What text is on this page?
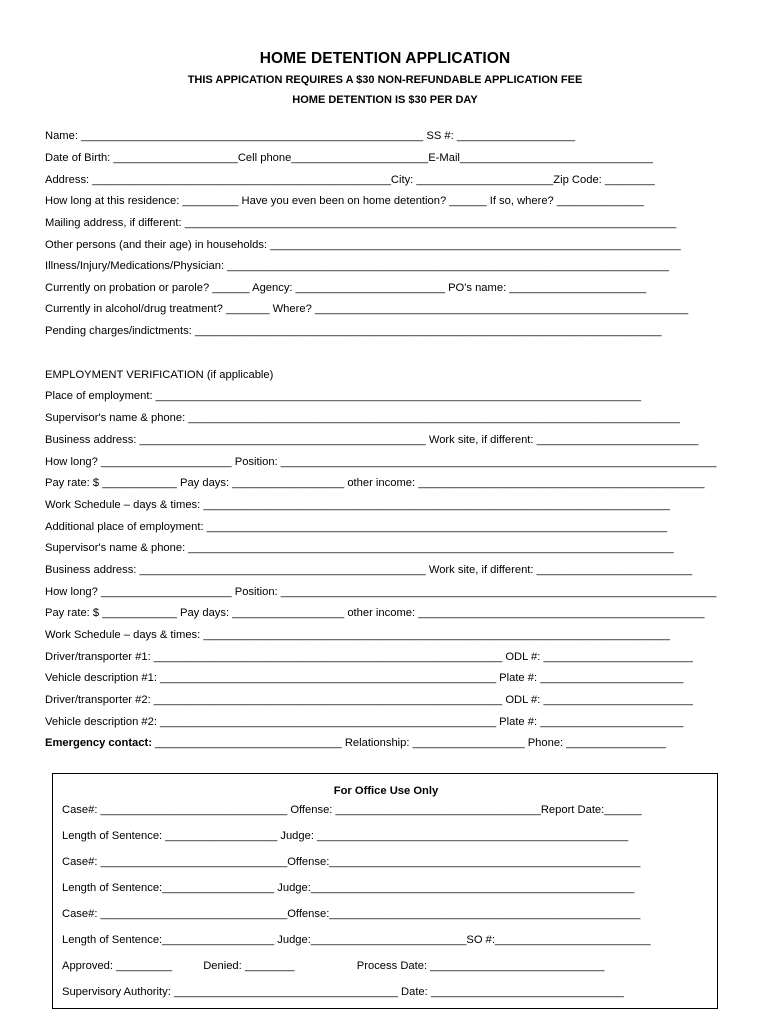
HOME DETENTION APPLICATION
THIS APPICATION REQUIRES A $30 NON-REFUNDABLE APPLICATION FEE
HOME DETENTION IS $30 PER DAY
Name: _______________________________________________________ SS #: ___________________
Date of Birth: ____________________Cell phone______________________E-Mail_______________________________
Address: ________________________________________________City: ______________________Zip Code: ________
How long at this residence: _________ Have you even been on home detention? ______ If so, where? ______________
Mailing address, if different: _______________________________________________________________________________
Other persons (and their age) in households: __________________________________________________________________
Illness/Injury/Medications/Physician: _______________________________________________________________________
Currently on probation or parole? ______ Agency: ________________________ PO's name: ______________________
Currently in alcohol/drug treatment? _______ Where? ____________________________________________________________
Pending charges/indictments: ___________________________________________________________________________
EMPLOYMENT VERIFICATION (if applicable)
Place of employment: ______________________________________________________________________________
Supervisor's name & phone: _______________________________________________________________________________
Business address: ______________________________________________ Work site, if different: __________________________
How long? _____________________ Position: ______________________________________________________________________
Pay rate: $ ____________ Pay days: __________________ other income: ______________________________________________
Work Schedule – days & times: ___________________________________________________________________________
Additional place of employment: __________________________________________________________________________
Supervisor's name & phone: ______________________________________________________________________________
Business address: ______________________________________________ Work site, if different: _________________________
How long? _____________________ Position: ______________________________________________________________________
Pay rate: $ ____________ Pay days: __________________ other income: ______________________________________________
Work Schedule – days & times: ___________________________________________________________________________
Driver/transporter #1: ________________________________________________________ ODL #: ________________________
Vehicle description #1: ______________________________________________________ Plate #: _______________________
Driver/transporter #2: ________________________________________________________ ODL #: ________________________
Vehicle description #2: ______________________________________________________ Plate #: _______________________
Emergency contact: ______________________________ Relationship: __________________ Phone: ________________
For Office Use Only
Case#: ______________________________ Offense: _________________________________Report Date:______
Length of Sentence: __________________ Judge: __________________________________________________
Case#: ______________________________Offense:__________________________________________________
Length of Sentence:__________________ Judge:____________________________________________________
Case#: ______________________________Offense:__________________________________________________
Length of Sentence:__________________ Judge:_________________________SO #:_________________________
Approved: _________          Denied: ________                    Process Date: ____________________________
Supervisory Authority: ____________________________________ Date: _______________________________
